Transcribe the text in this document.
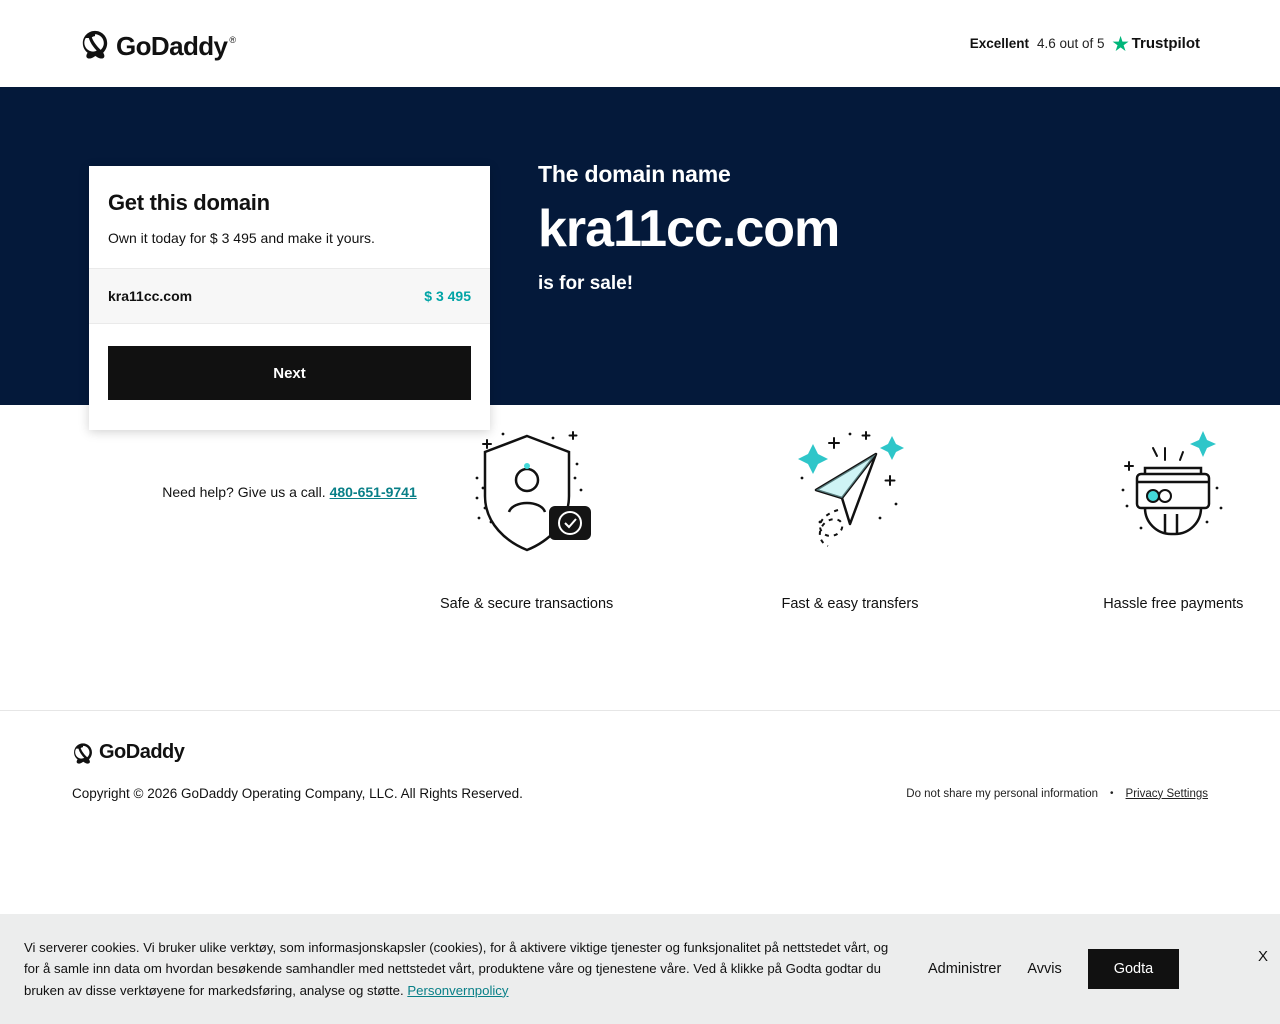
GoDaddy ®	Excellent 4.6 out of 5 ★ Trustpilot
The domain name
kra11cc.com
is for sale!
Get this domain
Own it today for $ 3 495 and make it yours.
kra11cc.com	$ 3 495
Next
Need help? Give us a call. 480-651-9741
Safe & secure transactions	Fast & easy transfers	Hassle free payments
GoDaddy
Copyright © 2026 GoDaddy Operating Company, LLC. All Rights Reserved.	Do not share my personal information • Privacy Settings
Vi serverer cookies. Vi bruker ulike verktøy, som informasjonskapsler (cookies), for å aktivere viktige tjenester og funksjonalitet på nettstedet vårt, og for å samle inn data om hvordan besøkende samhandler med nettstedet vårt, produktene våre og tjenestene våre. Ved å klikke på Godta godtar du bruken av disse verktøyene for markedsføring, analyse og støtte. Personvernpolicy
Administrer Avvis	Godta
X
